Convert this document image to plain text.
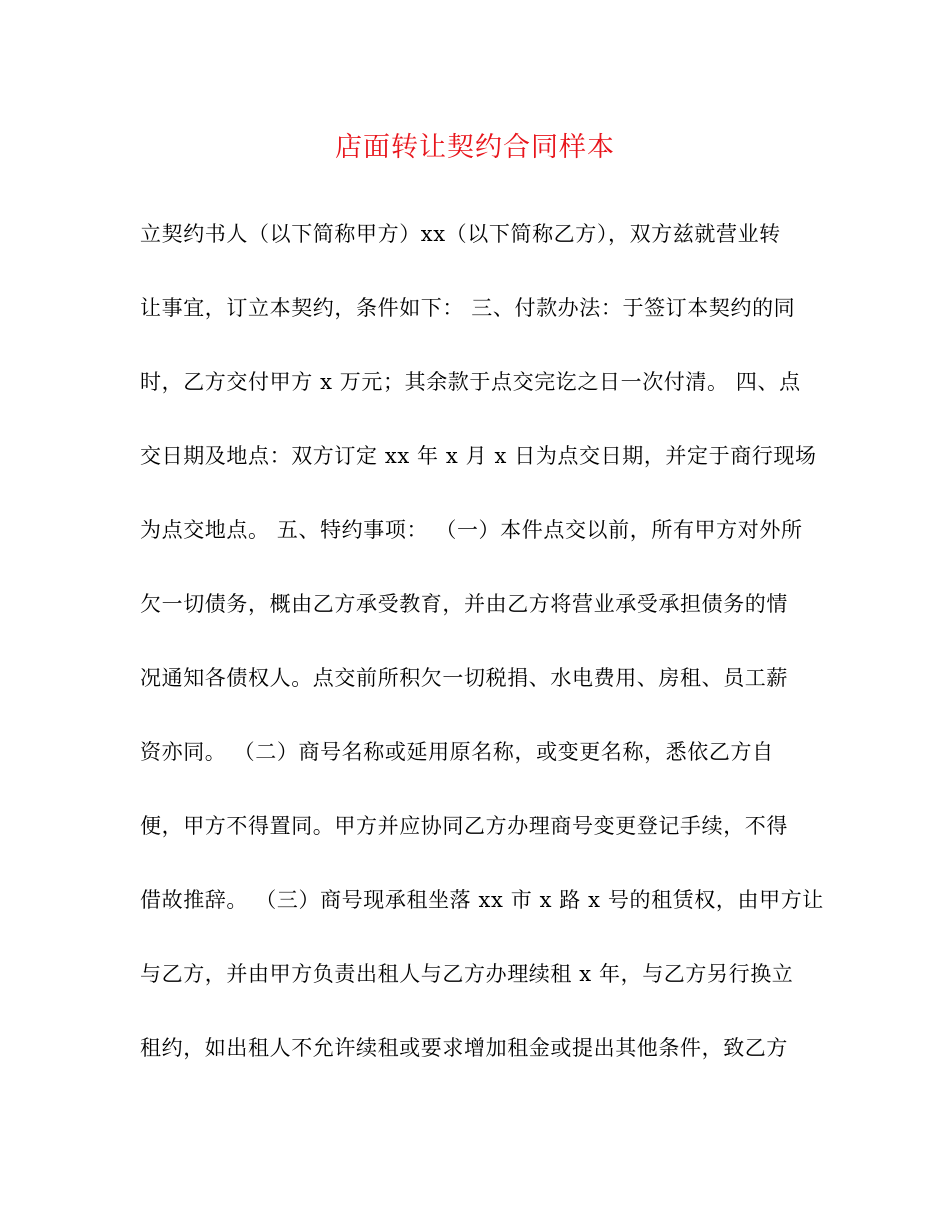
店面转让契约合同样本
立契约书人（以下简称甲方）xx（以下简称乙方），双方兹就营业转
让事宜，订立本契约，条件如下： 三、付款办法：于签订本契约的同
时，乙方交付甲方 x 万元；其余款于点交完讫之日一次付清。 四、点
交日期及地点：双方订定 xx 年 x 月 x 日为点交日期，并定于商行现场
为点交地点。 五、特约事项： （一）本件点交以前，所有甲方对外所
欠一切债务，概由乙方承受教育，并由乙方将营业承受承担债务的情
况通知各债权人。点交前所积欠一切税捐、水电费用、房租、员工薪
资亦同。 （二）商号名称或延用原名称，或变更名称，悉依乙方自
便，甲方不得置同。甲方并应协同乙方办理商号变更登记手续，不得
借故推辞。 （三）商号现承租坐落 xx 市 x 路 x 号的租赁权，由甲方让
与乙方，并由甲方负责出租人与乙方办理续租 x 年，与乙方另行换立
租约，如出租人不允许续租或要求增加租金或提出其他条件，致乙方
